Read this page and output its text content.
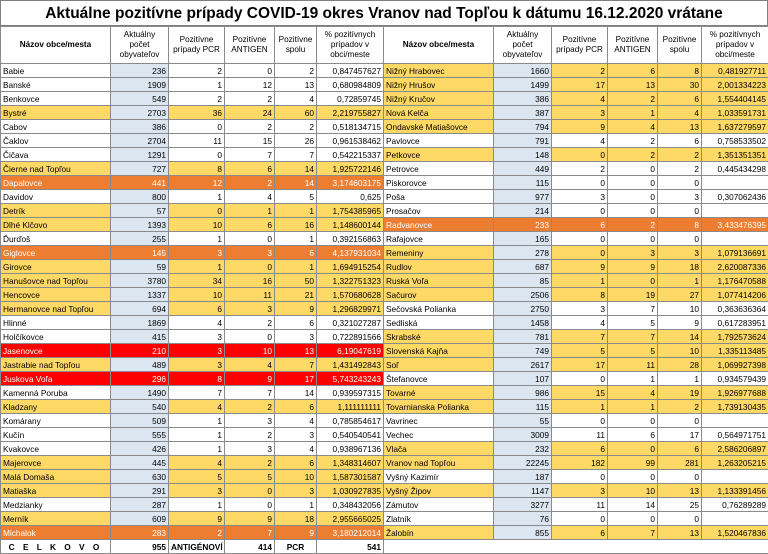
Aktuálne pozitívne prípady COVID-19 okres Vranov nad Topľou k dátumu 16.12.2020 vrátane
Názov obce/mesta	Aktuálny počet obyvateľov	Pozitívne prípady PCR	Pozitívne ANTIGEN	Pozitívne spolu	% pozitívnych prípadov v obci/meste	Názov obce/mesta	Aktuálny počet obyvateľov	Pozitívne prípady PCR	Pozitívne ANTIGEN	Pozitívne spolu	% pozitívnych prípadov v obci/meste
Babie	236	2	0	2	0,847457627	Nižný Hrabovec	1660	2	6	8	0,481927711
Banské	1909	1	12	13	0,680984809	Nižný Hrušov	1499	17	13	30	2,001334223
Benkovce	549	2	2	4	0,72859745	Nižný Kručov	386	4	2	6	1,554404145
Bystré	2703	36	24	60	2,219755827	Nová Kelča	387	3	1	4	1,033591731
Cabov	386	0	2	2	0,518134715	Ondavské Matiašovce	794	9	4	13	1,637279597
Čaklov	2704	11	15	26	0,961538462	Pavlovce	791	4	2	6	0,758533502
Čičava	1291	0	7	7	0,542215337	Petkovce	148	0	2	2	1,351351351
Čierne nad Topľou	727	8	6	14	1,925722146	Petrovce	449	2	0	2	0,445434298
Dapalovce	441	12	2	14	3,174603175	Piskorovce	115	0	0	0	
Davidov	800	1	4	5	0,625	Poša	977	3	0	3	0,307062436
Detrík	57	0	1	1	1,754385965	Prosačov	214	0	0	0	
Dlhé Klčovo	1393	10	6	16	1,148600144	Radvanovce	233	6	2	8	3,433476395
Ďurďoš	255	1	0	1	0,392156863	Rafajovce	165	0	0	0	
Giglovce	145	3	3	6	4,137931034	Remeniny	278	0	3	3	1,079136691
Girovce	59	1	0	1	1,694915254	Rudlov	687	9	9	18	2,620087336
Hanušovce nad Topľou	3780	34	16	50	1,322751323	Ruská Voľa	85	1	0	1	1,176470588
Hencovce	1337	10	11	21	1,570680628	Sačurov	2506	8	19	27	1,077414206
Hermanovce nad Topľou	694	6	3	9	1,296829971	Sečovská Polianka	2750	3	7	10	0,363636364
Hlinné	1869	4	2	6	0,321027287	Sedliská	1458	4	5	9	0,617283951
Holčíkovce	415	3	0	3	0,722891566	Skrabské	781	7	7	14	1,792573624
Jasenovce	210	3	10	13	6,19047619	Slovenská Kajňa	749	5	5	10	1,335113485
Jastrabie nad Topľou	489	3	4	7	1,431492843	Soľ	2617	17	11	28	1,069927398
Juskova Voľa	296	8	9	17	5,743243243	Štefanovce	107	0	1	1	0,934579439
Kamenná Poruba	1490	7	7	14	0,939597315	Tovarné	986	15	4	19	1,926977688
Kladzany	540	4	2	6	1,111111111	Tovarnianska Polianka	115	1	1	2	1,739130435
Komárany	509	1	3	4	0,785854617	Vavrinec	55	0	0	0	
Kučín	555	1	2	3	0,540540541	Vechec	3009	11	6	17	0,564971751
Kvakovce	426	1	3	4	0,938967136	Vlača	232	6	0	6	2,586206897
Majerovce	445	4	2	6	1,348314607	Vranov nad Topľou	22245	182	99	281	1,263205215
Malá Domaša	630	5	5	10	1,587301587	Vyšný Kazimír	187	0	0	0	
Matiaška	291	3	0	3	1,030927835	Vyšný Žipov	1147	3	10	13	1,133391456
Medzianky	287	1	0	1	0,348432056	Zámutov	3277	11	14	25	0,76289289
Merník	609	9	9	18	2,955665025	Zlatník	76	0	0	0	
Michalok	283	2	7	9	3,180212014	Žalobín	855	6	7	13	1,520467836
C E L K O V O	955	ANTIGÉNOVÍ	414	PCR	541						
